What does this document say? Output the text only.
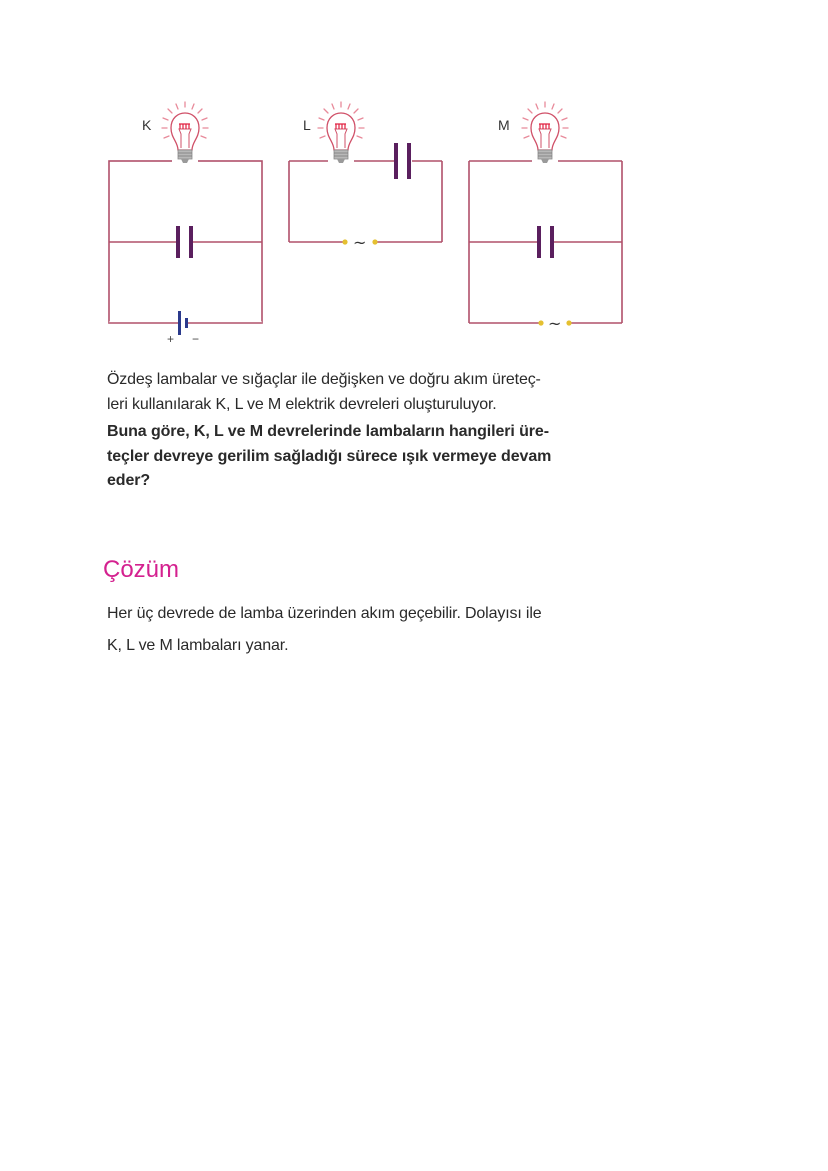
+ −
~
~
K	L	M

Özdeş lambalar ve sığaçlar ile değişken ve doğru akım üreteç-

leri kullanılarak K, L ve M elektrik devreleri oluşturuluyor.

Buna göre, K, L ve M devrelerinde lambaların hangileri üre-

teçler devreye gerilim sağladığı sürece ışık vermeye devam

eder?

Çözüm
Her üç devrede de lamba üzerinden akım geçebilir. Dolayısı ile
K, L ve M lambaları yanar.
